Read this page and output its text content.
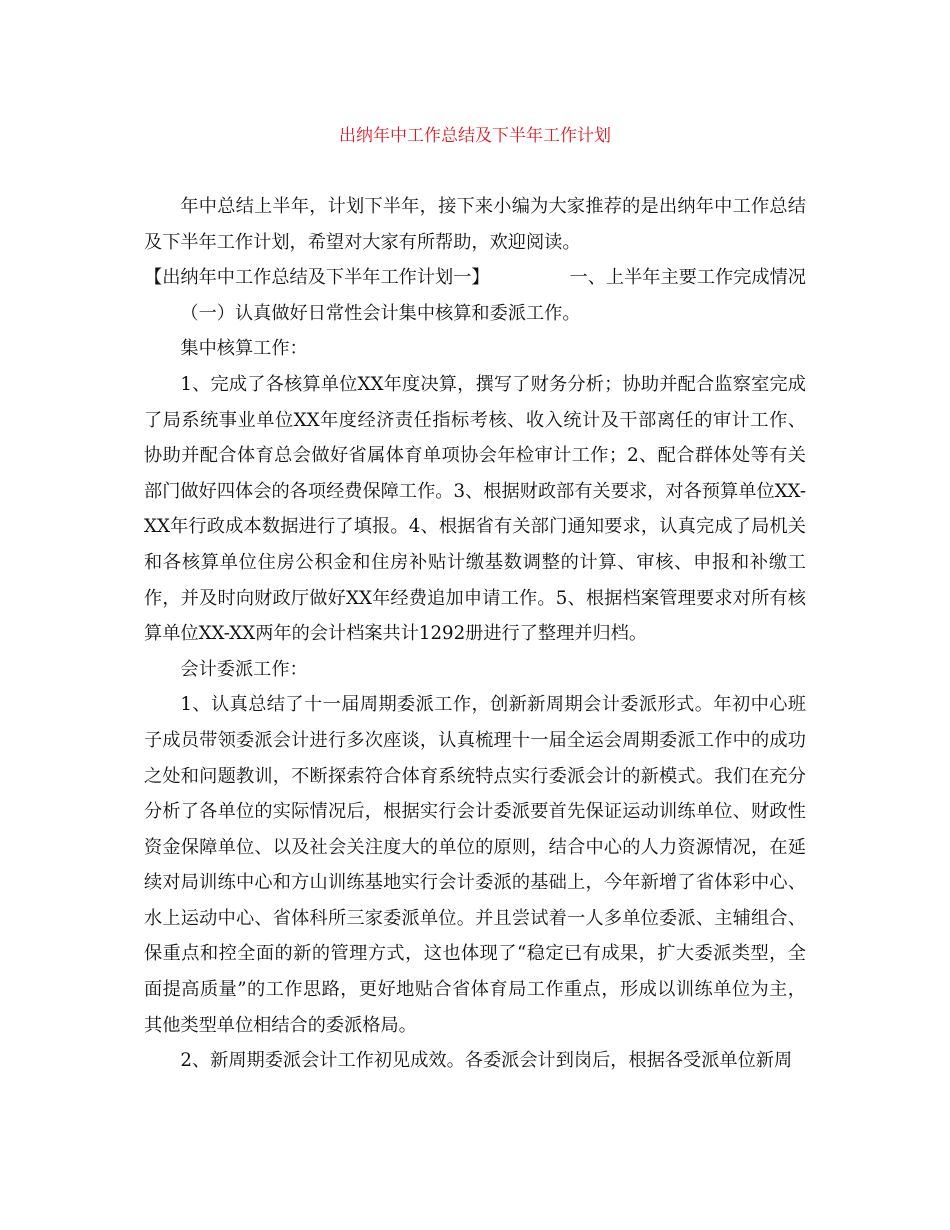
出纳年中工作总结及下半年工作计划

年中总结上半年，计划下半年，接下来小编为大家推荐的是出纳年中工作总结及下半年工作计划，希望对大家有所帮助，欢迎阅读。

【出纳年中工作总结及下半年工作计划一】	一、上半年主要工作完成情况

（一）认真做好日常性会计集中核算和委派工作。

集中核算工作：

1、完成了各核算单位XX年度决算，撰写了财务分析；协助并配合监察室完成了局系统事业单位XX年度经济责任指标考核、收入统计及干部离任的审计工作、协助并配合体育总会做好省属体育单项协会年检审计工作；2、配合群体处等有关部门做好四体会的各项经费保障工作。3、根据财政部有关要求，对各预算单位XX-XX年行政成本数据进行了填报。4、根据省有关部门通知要求，认真完成了局机关和各核算单位住房公积金和住房补贴计缴基数调整的计算、审核、申报和补缴工作，并及时向财政厅做好XX年经费追加申请工作。5、根据档案管理要求对所有核算单位XX-XX两年的会计档案共计1292册进行了整理并归档。

会计委派工作：

1、认真总结了十一届周期委派工作，创新新周期会计委派形式。年初中心班子成员带领委派会计进行多次座谈，认真梳理十一届全运会周期委派工作中的成功之处和问题教训，不断探索符合体育系统特点实行委派会计的新模式。我们在充分分析了各单位的实际情况后，根据实行会计委派要首先保证运动训练单位、财政性资金保障单位、以及社会关注度大的单位的原则，结合中心的人力资源情况，在延续对局训练中心和方山训练基地实行会计委派的基础上，今年新增了省体彩中心、水上运动中心、省体科所三家委派单位。并且尝试着一人多单位委派、主辅组合、保重点和控全面的新的管理方式，这也体现了“稳定已有成果，扩大委派类型，全面提高质量”的工作思路，更好地贴合省体育局工作重点，形成以训练单位为主，其他类型单位相结合的委派格局。

2、新周期委派会计工作初见成效。各委派会计到岗后，根据各受派单位新周
